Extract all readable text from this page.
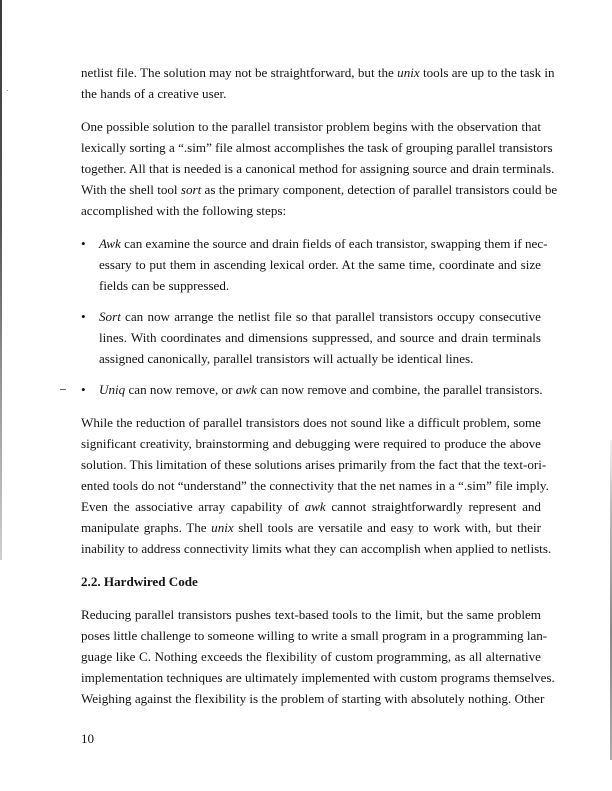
netlist file. The solution may not be straightforward, but the unix tools are up to the task in
the hands of a creative user.

One possible solution to the parallel transistor problem begins with the observation that
lexically sorting a “.sim” file almost accomplishes the task of grouping parallel transistors
together. All that is needed is a canonical method for assigning source and drain terminals.
With the shell tool sort as the primary component, detection of parallel transistors could be
accomplished with the following steps:

• Awk can examine the source and drain fields of each transistor, swapping them if nec-
essary to put them in ascending lexical order. At the same time, coordinate and size
fields can be suppressed.
• Sort can now arrange the netlist file so that parallel transistors occupy consecutive
lines. With coordinates and dimensions suppressed, and source and drain terminals
assigned canonically, parallel transistors will actually be identical lines.
• Uniq can now remove, or awk can now remove and combine, the parallel transistors.

While the reduction of parallel transistors does not sound like a difficult problem, some
significant creativity, brainstorming and debugging were required to produce the above
solution. This limitation of these solutions arises primarily from the fact that the text-ori-
ented tools do not “understand” the connectivity that the net names in a “.sim” file imply.
Even the associative array capability of awk cannot straightforwardly represent and
manipulate graphs. The unix shell tools are versatile and easy to work with, but their
inability to address connectivity limits what they can accomplish when applied to netlists.

2.2. Hardwired Code

Reducing parallel transistors pushes text-based tools to the limit, but the same problem
poses little challenge to someone willing to write a small program in a programming lan-
guage like C. Nothing exceeds the flexibility of custom programming, as all alternative
implementation techniques are ultimately implemented with custom programs themselves.
Weighing against the flexibility is the problem of starting with absolutely nothing. Other

10
